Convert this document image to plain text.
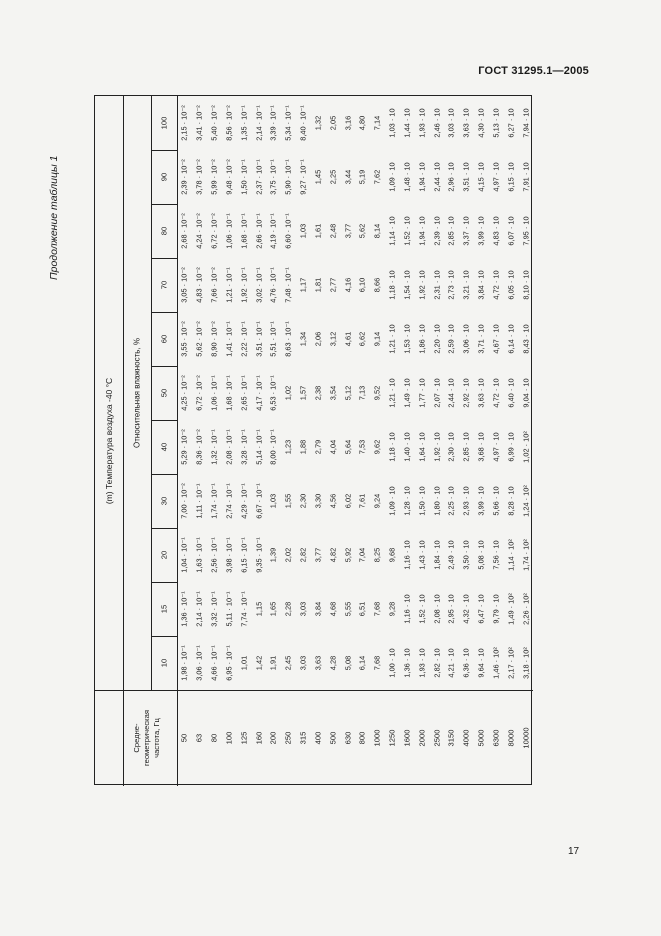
ГОСТ 31295.1—2005
Продолжение таблицы 1
(m) Температура воздуха -40 °С Относительная влажность, %
Средне-
геометрическая
частота, Гц
10
15
20
30
40
50
60
70
80
90
100
50 63 80 100 125 160 200 250 315 400 500 630 800 1000 1250 1600 2000 2500 3150 4000 5000 6300 8000 10000
1,98 · 10⁻¹ 3,06 · 10⁻¹ 4,66 · 10⁻¹ 6,95 · 10⁻¹ 1,01 1,42 1,91 2,45 3,03 3,63 4,28 5,08 6,14 7,68 1,00 · 10 1,36 · 10 1,93 · 10 2,82 · 10 4,21 · 10 6,36 · 10 9,64 · 10 1,46 · 10² 2,17 · 10² 3,18 · 10²
1,36 · 10⁻¹ 2,14 · 10⁻¹ 3,32 · 10⁻¹ 5,11 · 10⁻¹ 7,74 · 10⁻¹ 1,15 1,65 2,28 3,03 3,84 4,68 5,55 6,51 7,68 9,28 1,16 · 10 1,52 · 10 2,08 · 10 2,95 · 10 4,32 · 10 6,47 · 10 9,79 · 10 1,49 · 10² 2,26 · 10²
1,04 · 10⁻¹ 1,63 · 10⁻¹ 2,56 · 10⁻¹ 3,98 · 10⁻¹ 6,15 · 10⁻¹ 9,35 · 10⁻¹ 1,39 2,02 2,82 3,77 4,82 5,92 7,04 8,25 9,68 1,16 · 10 1,43 · 10 1,84 · 10 2,49 · 10 3,50 · 10 5,08 · 10 7,56 · 10 1,14 · 10² 1,74 · 10²
7,00 · 10⁻² 1,11 · 10⁻¹ 1,74 · 10⁻¹ 2,74 · 10⁻¹ 4,29 · 10⁻¹ 6,67 · 10⁻¹ 1,03 1,55 2,30 3,30 4,56 6,02 7,61 9,24 1,09 · 10 1,28 · 10 1,50 · 10 1,80 · 10 2,25 · 10 2,93 · 10 3,99 · 10 5,66 · 10 8,28 · 10 1,24 · 10²
5,29 · 10⁻² 8,36 · 10⁻² 1,32 · 10⁻¹ 2,08 · 10⁻¹ 3,28 · 10⁻¹ 5,14 · 10⁻¹ 8,00 · 10⁻¹ 1,23 1,88 2,79 4,04 5,64 7,53 9,62 1,18 · 10 1,40 · 10 1,64 · 10 1,92 · 10 2,30 · 10 2,85 · 10 3,68 · 10 4,97 · 10 6,99 · 10 1,02 · 10²
4,25 · 10⁻² 6,72 · 10⁻² 1,06 · 10⁻¹ 1,68 · 10⁻¹ 2,65 · 10⁻¹ 4,17 · 10⁻¹ 6,53 · 10⁻¹ 1,02 1,57 2,38 3,54 5,12 7,13 9,52 1,21 · 10 1,49 · 10 1,77 · 10 2,07 · 10 2,44 · 10 2,92 · 10 3,63 · 10 4,72 · 10 6,40 · 10 9,04 · 10
3,55 · 10⁻² 5,62 · 10⁻² 8,90 · 10⁻² 1,41 · 10⁻¹ 2,22 · 10⁻¹ 3,51 · 10⁻¹ 5,51 · 10⁻¹ 8,63 · 10⁻¹ 1,34 2,06 3,12 4,61 6,62 9,14 1,21 · 10 1,53 · 10 1,86 · 10 2,20 · 10 2,59 · 10 3,06 · 10 3,71 · 10 4,67 · 10 6,14 · 10 8,43 · 10
3,05 · 10⁻² 4,83 · 10⁻² 7,66 · 10⁻² 1,21 · 10⁻¹ 1,92 · 10⁻¹ 3,02 · 10⁻¹ 4,76 · 10⁻¹ 7,48 · 10⁻¹ 1,17 1,81 2,77 4,16 6,10 8,66 1,18 · 10 1,54 · 10 1,92 · 10 2,31 · 10 2,73 · 10 3,21 · 10 3,84 · 10 4,72 · 10 6,05 · 10 8,10 · 10
2,68 · 10⁻² 4,24 · 10⁻² 6,72 · 10⁻² 1,06 · 10⁻¹ 1,68 · 10⁻¹ 2,66 · 10⁻¹ 4,19 · 10⁻¹ 6,60 · 10⁻¹ 1,03 1,61 2,48 3,77 5,62 8,14 1,14 · 10 1,52 · 10 1,94 · 10 2,39 · 10 2,85 · 10 3,37 · 10 3,99 · 10 4,83 · 10 6,07 · 10 7,95 · 10
2,39 · 10⁻² 3,78 · 10⁻² 5,99 · 10⁻² 9,48 · 10⁻² 1,50 · 10⁻¹ 2,37 · 10⁻¹ 3,75 · 10⁻¹ 5,90 · 10⁻¹ 9,27 · 10⁻¹ 1,45 2,25 3,44 5,19 7,62 1,09 · 10 1,48 · 10 1,94 · 10 2,44 · 10 2,96 · 10 3,51 · 10 4,15 · 10 4,97 · 10 6,15 · 10 7,91 · 10
2,15 · 10⁻² 3,41 · 10⁻² 5,40 · 10⁻² 8,56 · 10⁻² 1,35 · 10⁻¹ 2,14 · 10⁻¹ 3,39 · 10⁻¹ 5,34 · 10⁻¹ 8,40 · 10⁻¹ 1,32 2,05 3,16 4,80 7,14 1,03 · 10 1,44 · 10 1,93 · 10 2,46 · 10 3,03 · 10 3,63 · 10 4,30 · 10 5,13 · 10 6,27 · 10 7,94 · 10
17
